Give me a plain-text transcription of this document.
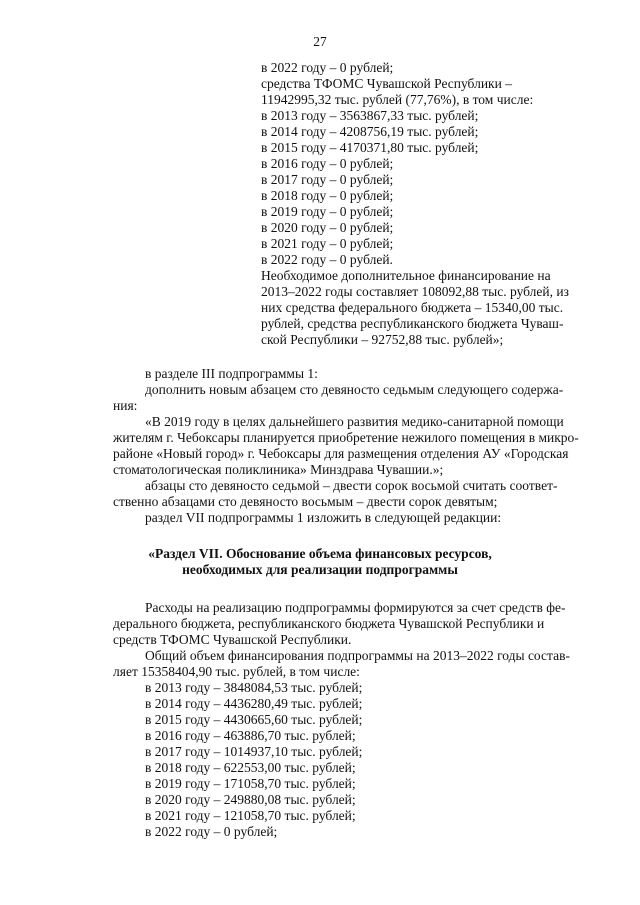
27
в 2022 году – 0 рублей;
средства ТФОМС Чувашской Республики –
11942995,32 тыс. рублей (77,76%), в том числе:
в 2013 году – 3563867,33 тыс. рублей;
в 2014 году – 4208756,19 тыс. рублей;
в 2015 году – 4170371,80 тыс. рублей;
в 2016 году – 0 рублей;
в 2017 году – 0 рублей;
в 2018 году – 0 рублей;
в 2019 году – 0 рублей;
в 2020 году – 0 рублей;
в 2021 году – 0 рублей;
в 2022 году – 0 рублей.
Необходимое дополнительное финансирование на
2013–2022 годы составляет 108092,88 тыс. рублей, из
них средства федерального бюджета – 15340,00 тыс.
рублей, средства республиканского бюджета Чуваш-
ской Республики – 92752,88 тыс. рублей»;
в разделе III подпрограммы 1:
дополнить новым абзацем сто девяносто седьмым следующего содержа-
ния:
«В 2019 году в целях дальнейшего развития медико-санитарной помощи
жителям г. Чебоксары планируется приобретение нежилого помещения в микро-
районе «Новый город» г. Чебоксары для размещения отделения АУ «Городская
стоматологическая поликлиника» Минздрава Чувашии.»;
абзацы сто девяносто седьмой – двести сорок восьмой считать соответ-
ственно абзацами сто девяносто восьмым – двести сорок девятым;
раздел VII подпрограммы 1 изложить в следующей редакции:
«Раздел VII. Обоснование объема финансовых ресурсов,
необходимых для реализации подпрограммы
Расходы на реализацию подпрограммы формируются за счет средств фе-
дерального бюджета, республиканского бюджета Чувашской Республики и
средств ТФОМС Чувашской Республики.
Общий объем финансирования подпрограммы на 2013–2022 годы состав-
ляет 15358404,90 тыс. рублей, в том числе:
в 2013 году – 3848084,53 тыс. рублей;
в 2014 году – 4436280,49 тыс. рублей;
в 2015 году – 4430665,60 тыс. рублей;
в 2016 году – 463886,70 тыс. рублей;
в 2017 году – 1014937,10 тыс. рублей;
в 2018 году – 622553,00 тыс. рублей;
в 2019 году – 171058,70 тыс. рублей;
в 2020 году – 249880,08 тыс. рублей;
в 2021 году – 121058,70 тыс. рублей;
в 2022 году – 0 рублей;
